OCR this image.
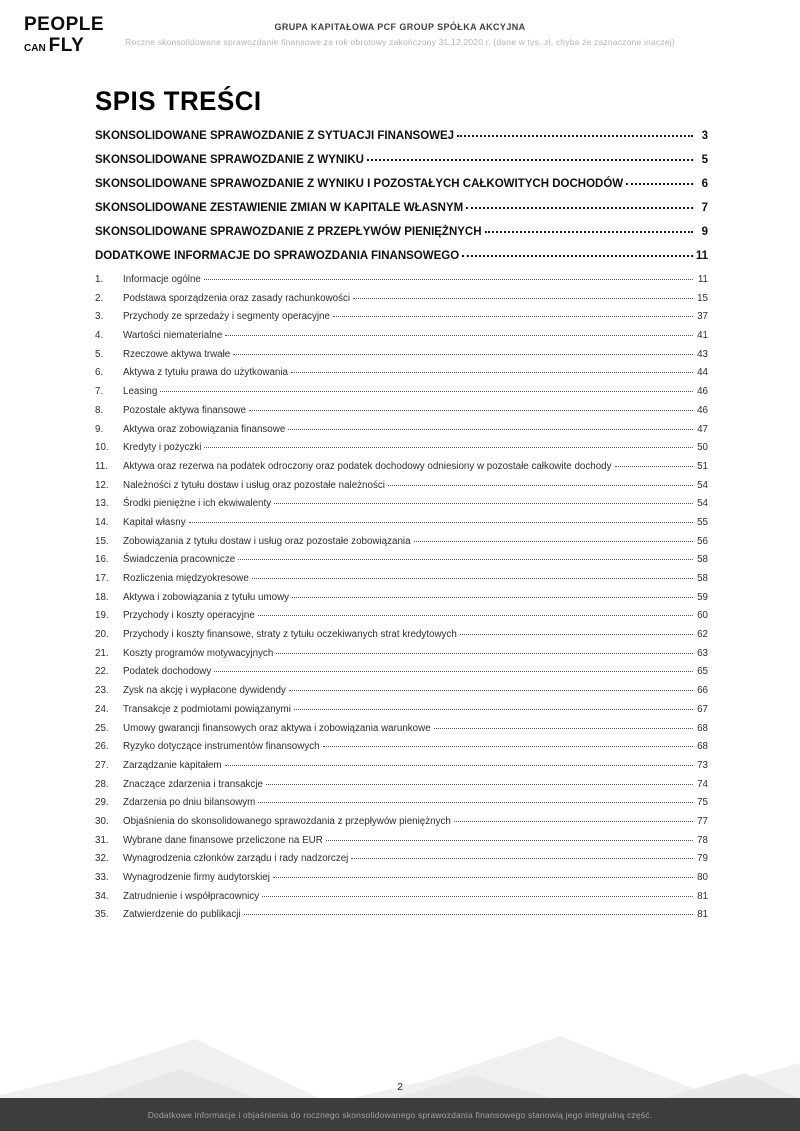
PEOPLE
CAN FLY
GRUPA KAPITAŁOWA PCF GROUP SPÓŁKA AKCYJNA
Roczne skonsolidowane sprawozdanie finansowe za rok obrotowy zakończony 31.12.2020 r. (dane w tys. zł, chyba że zaznaczone inaczej)
SPIS TREŚCI
SKONSOLIDOWANE SPRAWOZDANIE Z SYTUACJI FINANSOWEJ	3
SKONSOLIDOWANE SPRAWOZDANIE Z WYNIKU	5
SKONSOLIDOWANE SPRAWOZDANIE Z WYNIKU I POZOSTAŁYCH CAŁKOWITYCH DOCHODÓW	6
SKONSOLIDOWANE ZESTAWIENIE ZMIAN W KAPITALE WŁASNYM	7
SKONSOLIDOWANE SPRAWOZDANIE Z PRZEPŁYWÓW PIENIĘŻNYCH	9
DODATKOWE INFORMACJE DO SPRAWOZDANIA FINANSOWEGO	11
1.	Informacje ogólne	11
2.	Podstawa sporządzenia oraz zasady rachunkowości	15
3.	Przychody ze sprzedaży i segmenty operacyjne	37
4.	Wartości niematerialne	41
5.	Rzeczowe aktywa trwałe	43
6.	Aktywa z tytułu prawa do użytkowania	44
7.	Leasing	46
8.	Pozostałe aktywa finansowe	46
9.	Aktywa oraz zobowiązania finansowe	47
10.	Kredyty i pożyczki	50
11.	Aktywa oraz rezerwa na podatek odroczony oraz podatek dochodowy odniesiony w pozostałe całkowite dochody	51
12.	Należności z tytułu dostaw i usług oraz pozostałe należności	54
13.	Środki pieniężne i ich ekwiwalenty	54
14.	Kapitał własny	55
15.	Zobowiązania z tytułu dostaw i usług oraz pozostałe zobowiązania	56
16.	Świadczenia pracownicze	58
17.	Rozliczenia międzyokresowe	58
18.	Aktywa i zobowiązania z tytułu umowy	59
19.	Przychody i koszty operacyjne	60
20.	Przychody i koszty finansowe, straty z tytułu oczekiwanych strat kredytowych	62
21.	Koszty programów motywacyjnych	63
22.	Podatek dochodowy	65
23.	Zysk na akcję i wypłacone dywidendy	66
24.	Transakcje z podmiotami powiązanymi	67
25.	Umowy gwarancji finansowych oraz aktywa i zobowiązania warunkowe	68
26.	Ryzyko dotyczące instrumentów finansowych	68
27.	Zarządzanie kapitałem	73
28.	Znaczące zdarzenia i transakcje	74
29.	Zdarzenia po dniu bilansowym	75
30.	Objaśnienia do skonsolidowanego sprawozdania z przepływów pieniężnych	77
31.	Wybrane dane finansowe przeliczone na EUR	78
32.	Wynagrodzenia członków zarządu i rady nadzorczej	79
33.	Wynagrodzenie firmy audytorskiej	80
34.	Zatrudnienie i współpracownicy	81
35.	Zatwierdzenie do publikacji	81
2
Dodatkowe informacje i objaśnienia do rocznego skonsolidowanego sprawozdania finansowego stanowią jego integralną część.
